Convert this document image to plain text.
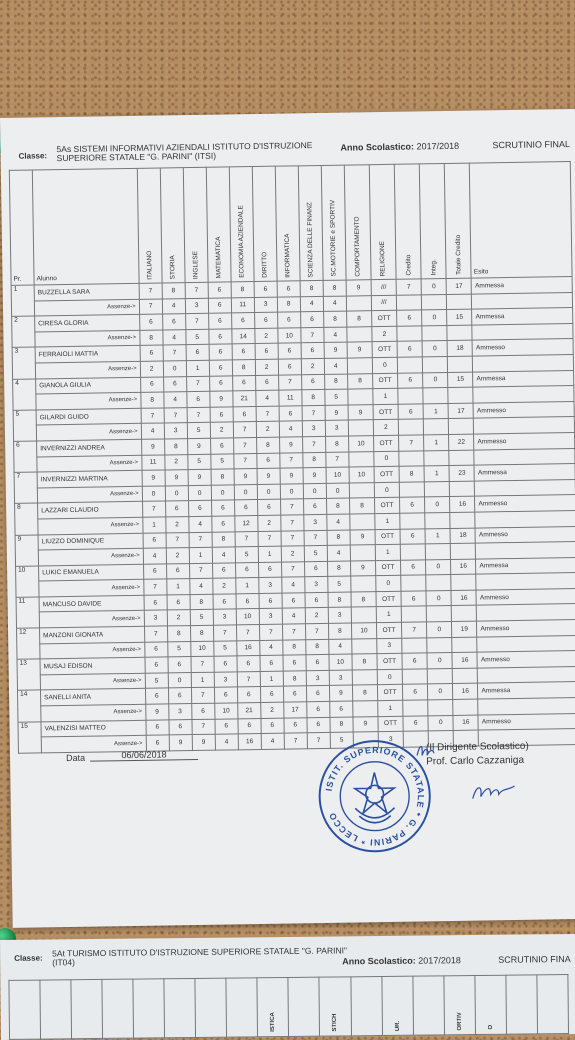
Classe:
5As SISTEMI INFORMATIVI AZIENDALI ISTITUTO D'ISTRUZIONE SUPERIORE STATALE "G. PARINI" (ITSI)
Anno Scolastico: 2017/2018	SCRUTINIO FINAL
Pr.	Alunno	ITALIANO	STORIA	INGLESE	MATEMATICA	ECONOMIA AZIENDALE	DIRITTO	INFORMATICA	SCIENZA DELLE FINANZ	SC.MOTORIE e SPORTIV	COMPORTAMENTO	RELIGIONE	Credito	Integ.	Totale Credito	Esito
1	BUZZELLA SARA	7	8	7	6	8	6	6	8	8	9	///	7	0	17	Ammessa
	Assenze->	7	4	3	6	11	3	8	4	4		///				
2	CIRESA GLORIA	6	6	7	6	6	6	6	6	8	8	OTT	6	0	15	Ammessa
	Assenze->	8	4	5	6	14	2	10	7	4		2				
3	FERRAIOLI MATTIA	6	7	6	6	6	6	6	6	9	9	OTT	6	0	18	Ammesso
	Assenze->	2	0	1	6	8	2	6	2	4		0				
4	GIANOLA GIULIA	6	6	7	6	6	6	7	6	8	8	OTT	6	0	15	Ammessa
	Assenze->	8	4	6	9	21	4	11	8	5		1				
5	GILARDI GUIDO	7	7	7	6	6	7	6	7	9	9	OTT	6	1	17	Ammesso
	Assenze->	4	3	5	2	7	2	4	3	3		2				
6	INVERNIZZI ANDREA	9	8	9	6	7	8	9	7	8	10	OTT	7	1	22	Ammesso
	Assenze->	11	2	5	5	7	6	7	8	7		0				
7	INVERNIZZI MARTINA	9	9	9	8	9	9	9	9	10	10	OTT	8	1	23	Ammessa
	Assenze->	0	0	0	0	0	0	0	0	0		0				
8	LAZZARI CLAUDIO	7	6	6	6	6	6	7	6	8	8	OTT	6	0	16	Ammesso
	Assenze->	1	2	4	6	12	2	7	3	4		1				
9	LIUZZO DOMINIQUE	6	7	7	8	7	7	7	7	8	9	OTT	6	1	18	Ammesso
	Assenze->	4	2	1	4	5	1	2	5	4		1				
10	LUKIC EMANUELA	6	6	7	6	6	6	7	6	8	9	OTT	6	0	16	Ammessa
	Assenze->	7	1	4	2	1	3	4	3	5		0				
11	MANCUSO DAVIDE	6	6	8	6	6	6	6	6	8	8	OTT	6	0	16	Ammesso
	Assenze->	3	2	5	3	10	3	4	2	3		1				
12	MANZONI GIONATA	7	8	8	7	7	7	7	7	8	10	OTT	7	0	19	Ammesso
	Assenze->	6	5	10	5	16	4	8	8	4		3				
13	MUSAJ EDISON	6	6	7	6	6	6	6	6	10	8	OTT	6	0	16	Ammesso
	Assenze->	5	0	1	3	7	1	8	3	3		0				
14	SANELLI ANITA	6	6	7	6	6	6	6	6	9	8	OTT	6	0	16	Ammessa
	Assenze->	9	3	6	10	21	2	17	6	6		1				
15	VALENZISI MATTEO	6	6	7	6	6	6	6	6	8	9	OTT	6	0	16	Ammesso
	Assenze->	6	9	9	4	16	4	7	7	5		3				
Data	06/06/2018
ISTIT. SUPERIORE STATALE * G. PARINI * LECCO
(Il Dirigente Scolastico)
Prof. Carlo Cazzaniga
Classe: 5At TURISMO ISTITUTO D'ISTRUZIONE SUPERIORE STATALE "G. PARINI" (IT04)	Anno Scolastico: 2017/2018	SCRUTINIO FINA

ISTICA		STICH		UR.		ORTIV	O
